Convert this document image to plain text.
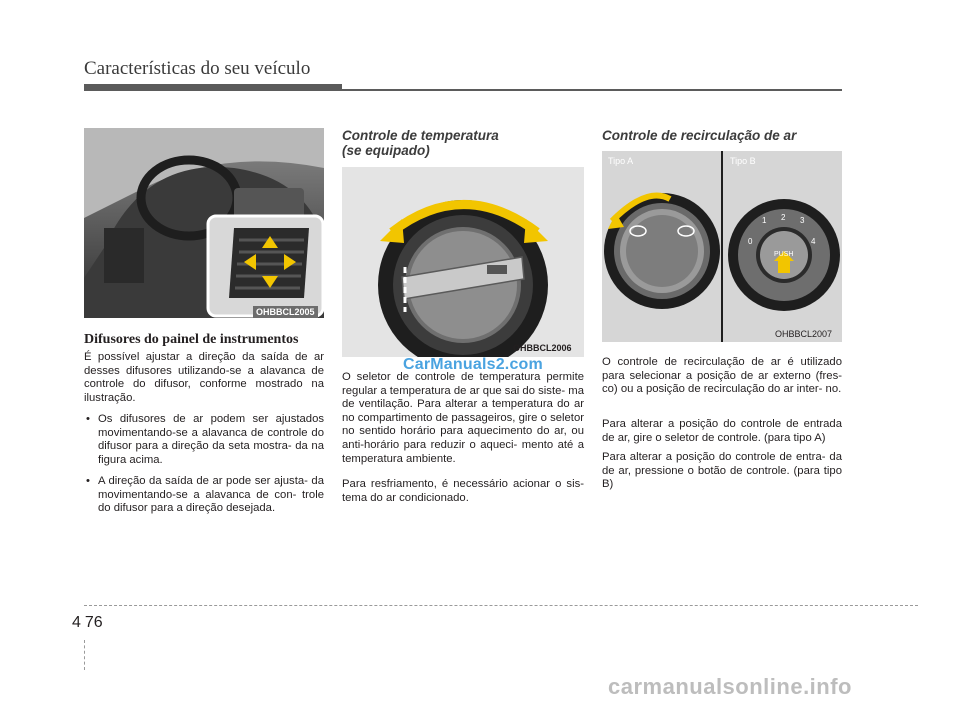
Características do seu veículo
OHBBCL2005
Difusores do painel de instrumentos
É possível ajustar a direção da saída de ar desses difusores utilizando-se a alavanca de controle do difusor, conforme mostrado na ilustração.
• Os difusores de ar podem ser ajustados movimentando-se a alavanca de controle do difusor para a direção da seta mostra- da na figura acima.
• A direção da saída de ar pode ser ajusta- da movimentando-se a alavanca de con- trole do difusor para a direção desejada.
Controle de temperatura
(se equipado)
OHBBCL2006
O seletor de controle de temperatura permite regular a temperatura de ar que sai do siste- ma de ventilação. Para alterar a temperatura do ar no compartimento de passageiros, gire o seletor no sentido horário para aquecimento do ar, ou anti-horário para reduzir o aqueci- mento até a temperatura ambiente.
Para resfriamento, é necessário acionar o sis- tema do ar condicionado.
Controle de recirculação de ar
Tipo A	Tipo B
PUSH
1 2 3
4
0
OHBBCL2007
O controle de recirculação de ar é utilizado para selecionar a posição de ar externo (fres- co) ou a posição de recirculação do ar inter- no.
Para alterar a posição do controle de entrada de ar, gire o seletor de controle. (para tipo A)
Para alterar a posição do controle de entra- da de ar, pressione o botão de controle. (para tipo B)
CarManuals2.com
4 76
carmanualsonline.info
